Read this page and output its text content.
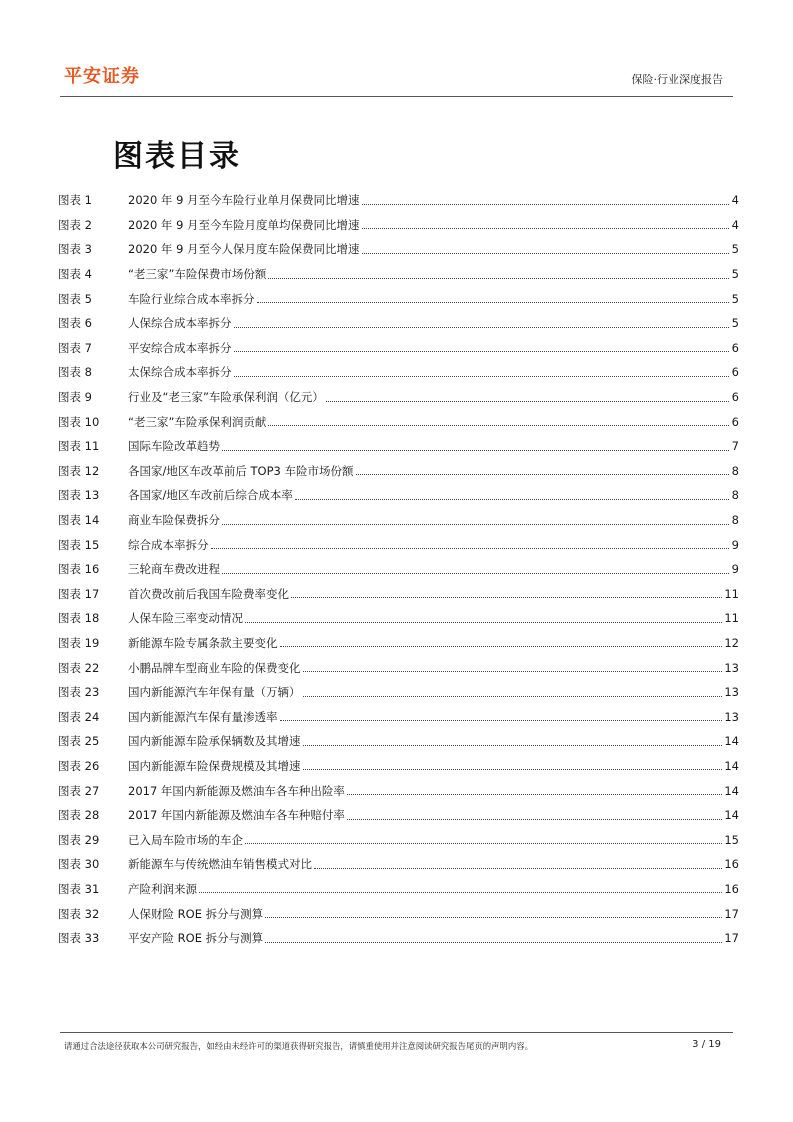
平安证券	保险·行业深度报告
图表目录
图表 1	2020 年 9 月至今车险行业单月保费同比增速	4
图表 2	2020 年 9 月至今车险月度单均保费同比增速	4
图表 3	2020 年 9 月至今人保月度车险保费同比增速	5
图表 4	“老三家”车险保费市场份额	5
图表 5	车险行业综合成本率拆分	5
图表 6	人保综合成本率拆分	5
图表 7	平安综合成本率拆分	6
图表 8	太保综合成本率拆分	6
图表 9	行业及“老三家”车险承保利润（亿元）	6
图表 10	“老三家”车险承保利润贡献	6
图表 11	国际车险改革趋势	7
图表 12	各国家/地区车改革前后 TOP3 车险市场份额	8
图表 13	各国家/地区车改前后综合成本率	8
图表 14	商业车险保费拆分	8
图表 15	综合成本率拆分	9
图表 16	三轮商车费改进程	9
图表 17	首次费改前后我国车险费率变化	11
图表 18	人保车险三率变动情况	11
图表 19	新能源车险专属条款主要变化	12
图表 22	小鹏品牌车型商业车险的保费变化	13
图表 23	国内新能源汽车年保有量（万辆）	13
图表 24	国内新能源汽车保有量渗透率	13
图表 25	国内新能源车险承保辆数及其增速	14
图表 26	国内新能源车险保费规模及其增速	14
图表 27	2017 年国内新能源及燃油车各车种出险率	14
图表 28	2017 年国内新能源及燃油车各车种赔付率	14
图表 29	已入局车险市场的车企	15
图表 30	新能源车与传统燃油车销售模式对比	16
图表 31	产险利润来源	16
图表 32	人保财险 ROE 拆分与测算	17
图表 33	平安产险 ROE 拆分与测算	17
请通过合法途径获取本公司研究报告，如经由未经许可的渠道获得研究报告，请慎重使用并注意阅读研究报告尾页的声明内容。	3 / 19
